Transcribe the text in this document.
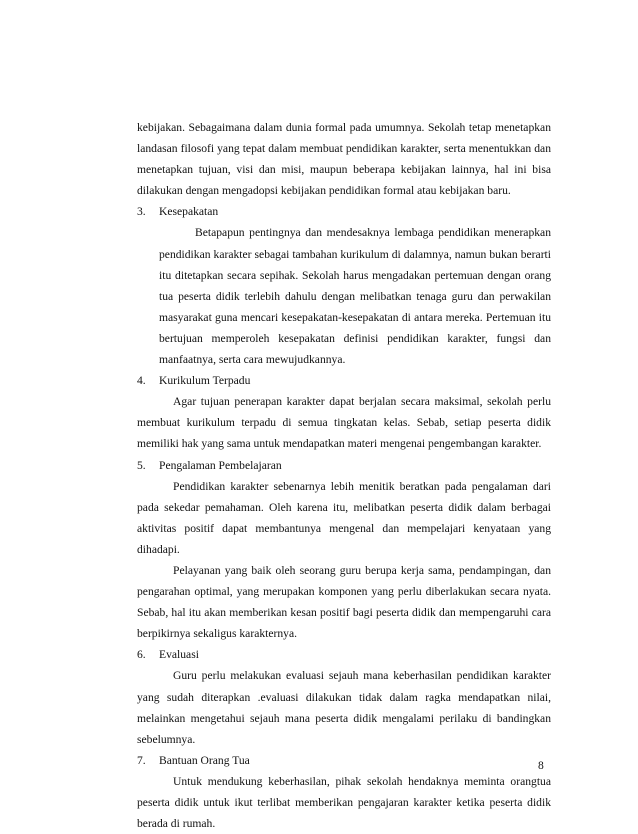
kebijakan. Sebagaimana dalam dunia formal pada umumnya. Sekolah tetap menetapkan landasan filosofi yang tepat dalam membuat pendidikan karakter, serta menentukkan dan menetapkan tujuan, visi dan misi, maupun beberapa kebijakan lainnya, hal ini bisa dilakukan dengan mengadopsi kebijakan pendidikan formal atau kebijakan baru.

3. Kesepakatan

Betapapun pentingnya dan mendesaknya lembaga pendidikan menerapkan pendidikan karakter sebagai tambahan kurikulum di dalamnya, namun bukan berarti itu ditetapkan secara sepihak. Sekolah harus mengadakan pertemuan dengan orang tua peserta didik terlebih dahulu dengan melibatkan tenaga guru dan perwakilan masyarakat guna mencari kesepakatan-kesepakatan di antara mereka. Pertemuan itu bertujuan memperoleh kesepakatan definisi pendidikan karakter, fungsi dan manfaatnya, serta cara mewujudkannya.

4. Kurikulum Terpadu

Agar tujuan penerapan karakter dapat berjalan secara maksimal, sekolah perlu membuat kurikulum terpadu di semua tingkatan kelas. Sebab, setiap peserta didik memiliki hak yang sama untuk mendapatkan materi mengenai pengembangan karakter.

5. Pengalaman Pembelajaran

Pendidikan karakter sebenarnya lebih menitik beratkan pada pengalaman dari pada sekedar pemahaman. Oleh karena itu, melibatkan peserta didik dalam berbagai aktivitas positif dapat membantunya mengenal dan mempelajari kenyataan yang dihadapi.

Pelayanan yang baik oleh seorang guru berupa kerja sama, pendampingan, dan pengarahan optimal, yang merupakan komponen yang perlu diberlakukan secara nyata. Sebab, hal itu akan memberikan kesan positif bagi peserta didik dan mempengaruhi cara berpikirnya sekaligus karakternya.

6. Evaluasi

Guru perlu melakukan evaluasi sejauh mana keberhasilan pendidikan karakter yang sudah diterapkan .evaluasi dilakukan tidak dalam ragka mendapatkan nilai, melainkan mengetahui sejauh mana peserta didik mengalami perilaku di bandingkan sebelumnya.

7. Bantuan Orang Tua

Untuk mendukung keberhasilan, pihak sekolah hendaknya meminta orangtua peserta didik untuk ikut terlibat memberikan pengajaran karakter ketika peserta didik berada di rumah.

8
